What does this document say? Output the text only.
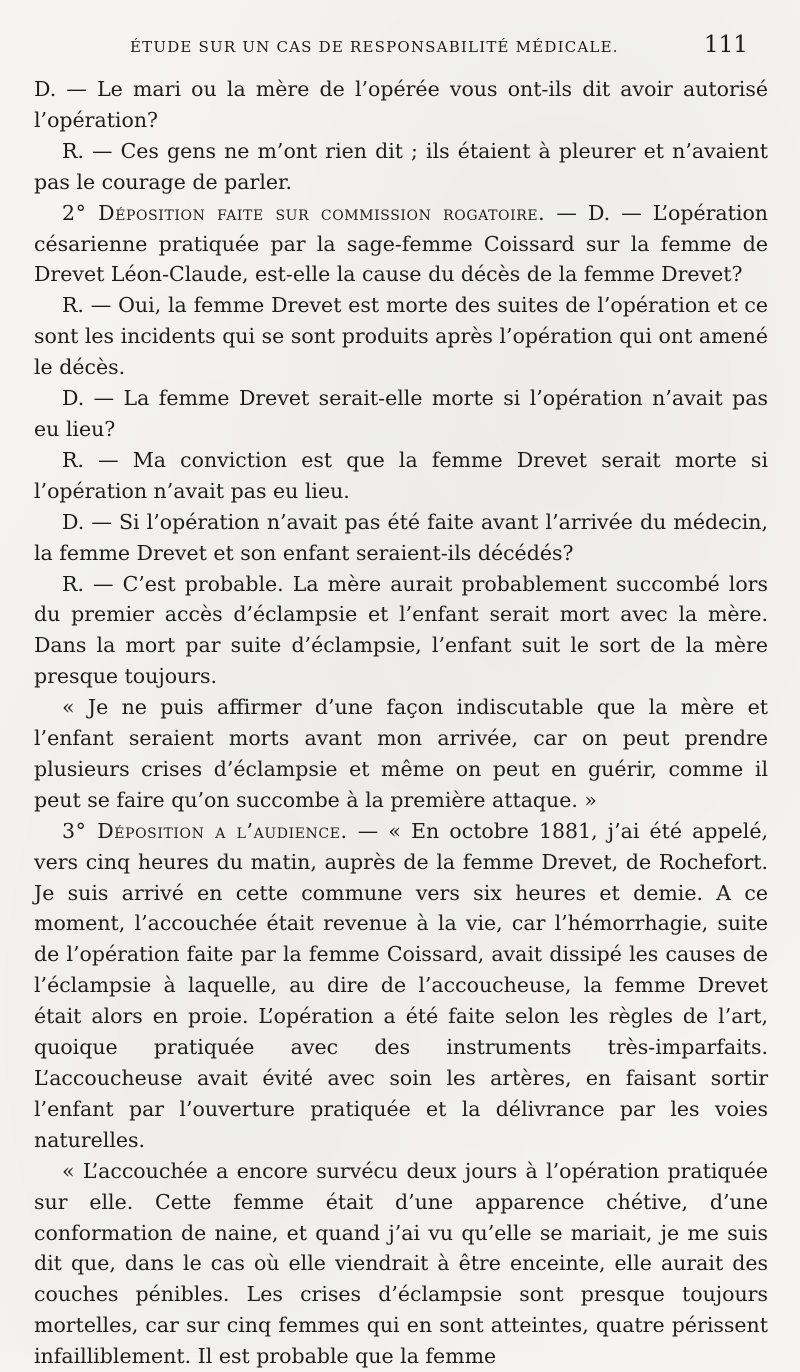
ÉTUDE SUR UN CAS DE RESPONSABILITÉ MÉDICALE.	111

D. — Le mari ou la mère de l’opérée vous ont-ils dit avoir autorisé l’opération?

R. — Ces gens ne m’ont rien dit ; ils étaient à pleurer et n’avaient pas le courage de parler.

2° Déposition faite sur commission rogatoire. — D. — L’opération césarienne pratiquée par la sage-femme Coissard sur la femme de Drevet Léon-Claude, est-elle la cause du décès de la femme Drevet?

R. — Oui, la femme Drevet est morte des suites de l’opération et ce sont les incidents qui se sont produits après l’opération qui ont amené le décès.

D. — La femme Drevet serait-elle morte si l’opération n’avait pas eu lieu?

R. — Ma conviction est que la femme Drevet serait morte si l’opération n’avait pas eu lieu.

D. — Si l’opération n’avait pas été faite avant l’arrivée du médecin, la femme Drevet et son enfant seraient-ils décédés?

R. — C’est probable. La mère aurait probablement succombé lors du premier accès d’éclampsie et l’enfant serait mort avec la mère. Dans la mort par suite d’éclampsie, l’enfant suit le sort de la mère presque toujours.

« Je ne puis affirmer d’une façon indiscutable que la mère et l’enfant seraient morts avant mon arrivée, car on peut prendre plusieurs crises d’éclampsie et même on peut en guérir, comme il peut se faire qu’on succombe à la première attaque. »

3° Déposition a l’audience. — « En octobre 1881, j’ai été appelé, vers cinq heures du matin, auprès de la femme Drevet, de Rochefort. Je suis arrivé en cette commune vers six heures et demie. A ce moment, l’accouchée était revenue à la vie, car l’hémorrhagie, suite de l’opération faite par la femme Coissard, avait dissipé les causes de l’éclampsie à laquelle, au dire de l’accoucheuse, la femme Drevet était alors en proie. L’opération a été faite selon les règles de l’art, quoique pratiquée avec des instruments très-imparfaits. L’accoucheuse avait évité avec soin les artères, en faisant sortir l’enfant par l’ouverture pratiquée et la délivrance par les voies naturelles.

« L’accouchée a encore survécu deux jours à l’opération pratiquée sur elle. Cette femme était d’une apparence chétive, d’une conformation de naine, et quand j’ai vu qu’elle se mariait, je me suis dit que, dans le cas où elle viendrait à être enceinte, elle aurait des couches pénibles. Les crises d’éclampsie sont presque toujours mortelles, car sur cinq femmes qui en sont atteintes, quatre périssent infailliblement. Il est probable que la femme
